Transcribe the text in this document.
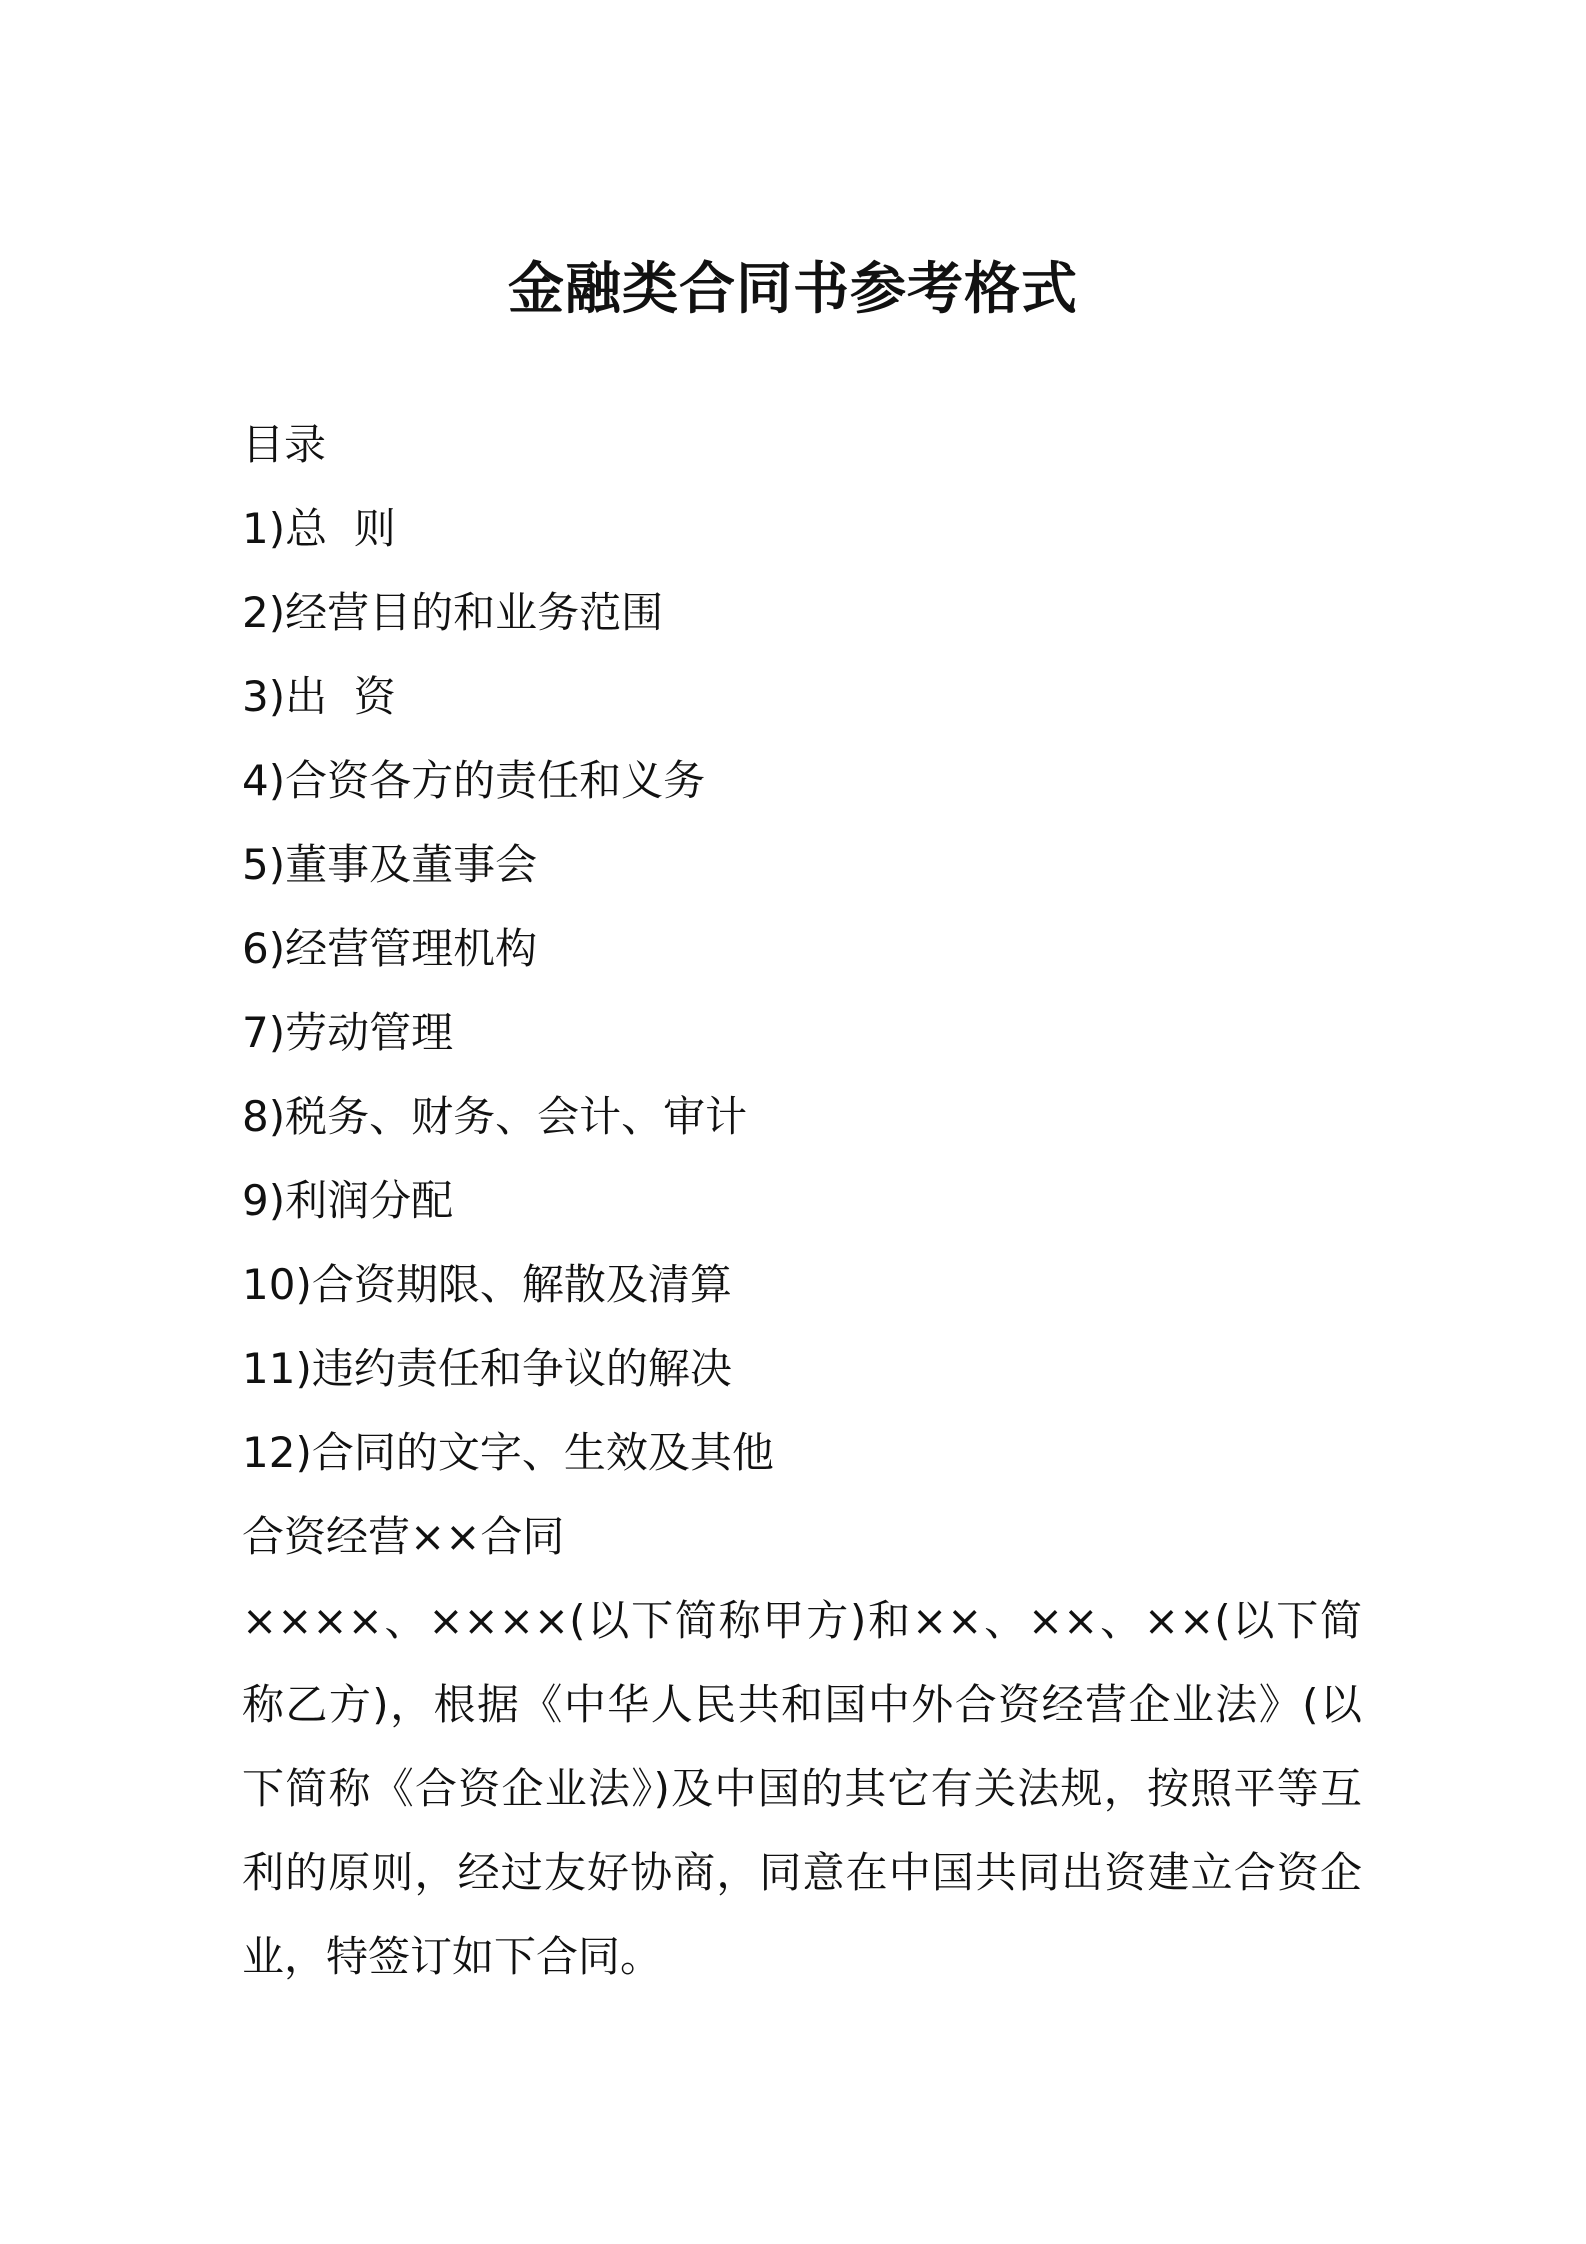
金融类合同书参考格式
目录
1)总  则
2)经营目的和业务范围
3)出  资
4)合资各方的责任和义务
5)董事及董事会
6)经营管理机构
7)劳动管理
8)税务、财务、会计、审计
9)利润分配
10)合资期限、解散及清算
11)违约责任和争议的解决
12)合同的文字、生效及其他
合资经营××合同

××××、××××(以下简称甲方)和××、××、××(以下简称乙方)，根据《中华人民共和国中外合资经营企业法》(以下简称《合资企业法》)及中国的其它有关法规，按照平等互利的原则，经过友好协商，同意在中国共同出资建立合资企业，特签订如下合同。
